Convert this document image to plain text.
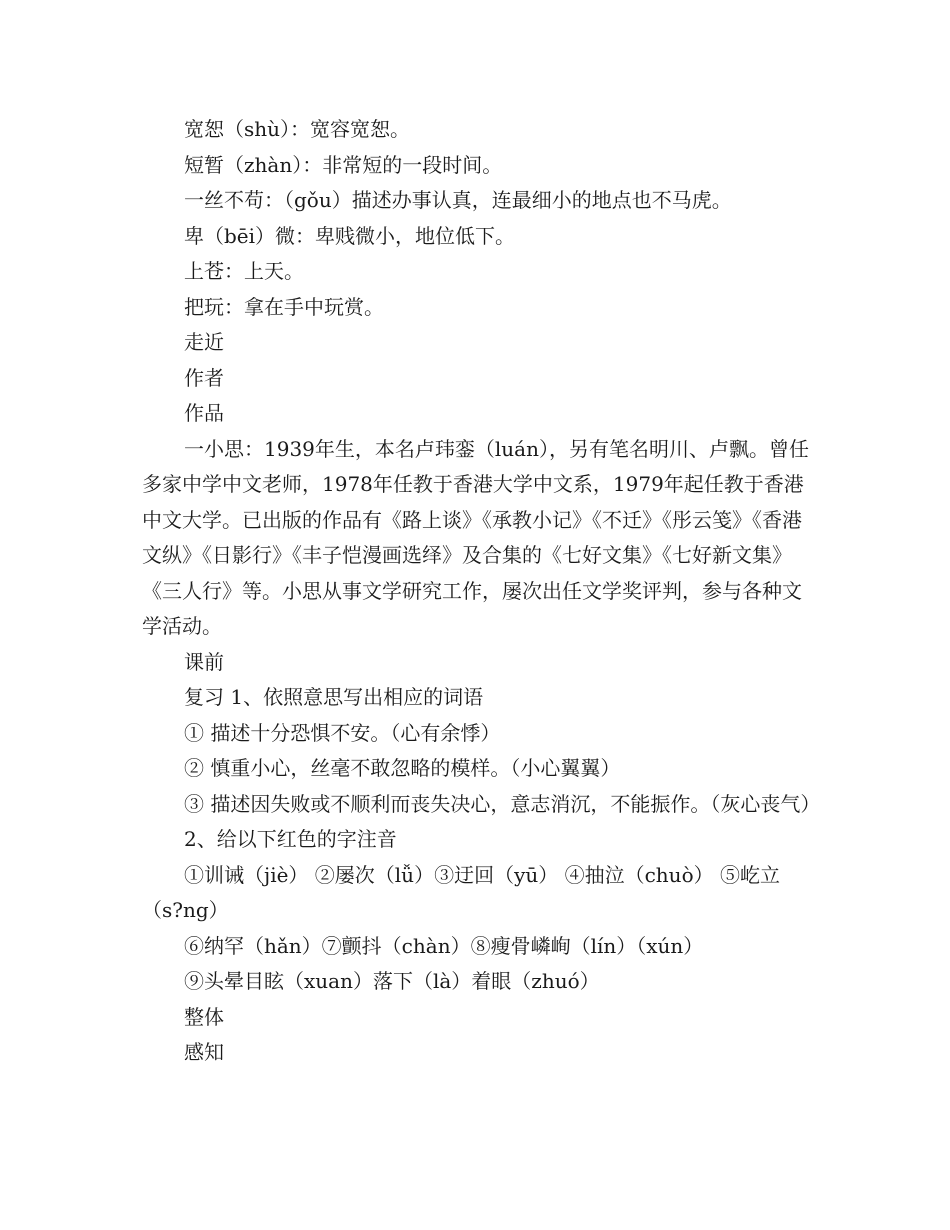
宽恕（shù）：宽容宽恕。

短暂（zhàn）：非常短的一段时间。

一丝不苟：（gǒu）描述办事认真，连最细小的地点也不马虎。

卑（bēi）微：卑贱微小，地位低下。

上苍：上天。

把玩：拿在手中玩赏。

走近

作者

作品

一小思：1939年生，本名卢玮銮（luán），另有笔名明川、卢飘。曾任多家中学中文老师，1978年任教于香港大学中文系，1979年起任教于香港中文大学。已出版的作品有《路上谈》《承教小记》《不迁》《彤云笺》《香港文纵》《日影行》《丰子恺漫画选绎》及合集的《七好文集》《七好新文集》《三人行》等。小思从事文学研究工作，屡次出任文学奖评判，参与各种文学活动。

课前

复习 1、依照意思写出相应的词语

① 描述十分恐惧不安。（心有余悸）

② 慎重小心，丝毫不敢忽略的模样。（小心翼翼）

③ 描述因失败或不顺利而丧失决心，意志消沉，不能振作。（灰心丧气）

2、给以下红色的字注音

①训诫（jiè） ②屡次（lǚ）③迂回（yū） ④抽泣（chuò） ⑤屹立（s?ng）

⑥纳罕（hǎn）⑦颤抖（chàn）⑧瘦骨嶙峋（lín）（xún）

⑨头晕目眩（xuan）落下（là）着眼（zhuó）

整体

感知
